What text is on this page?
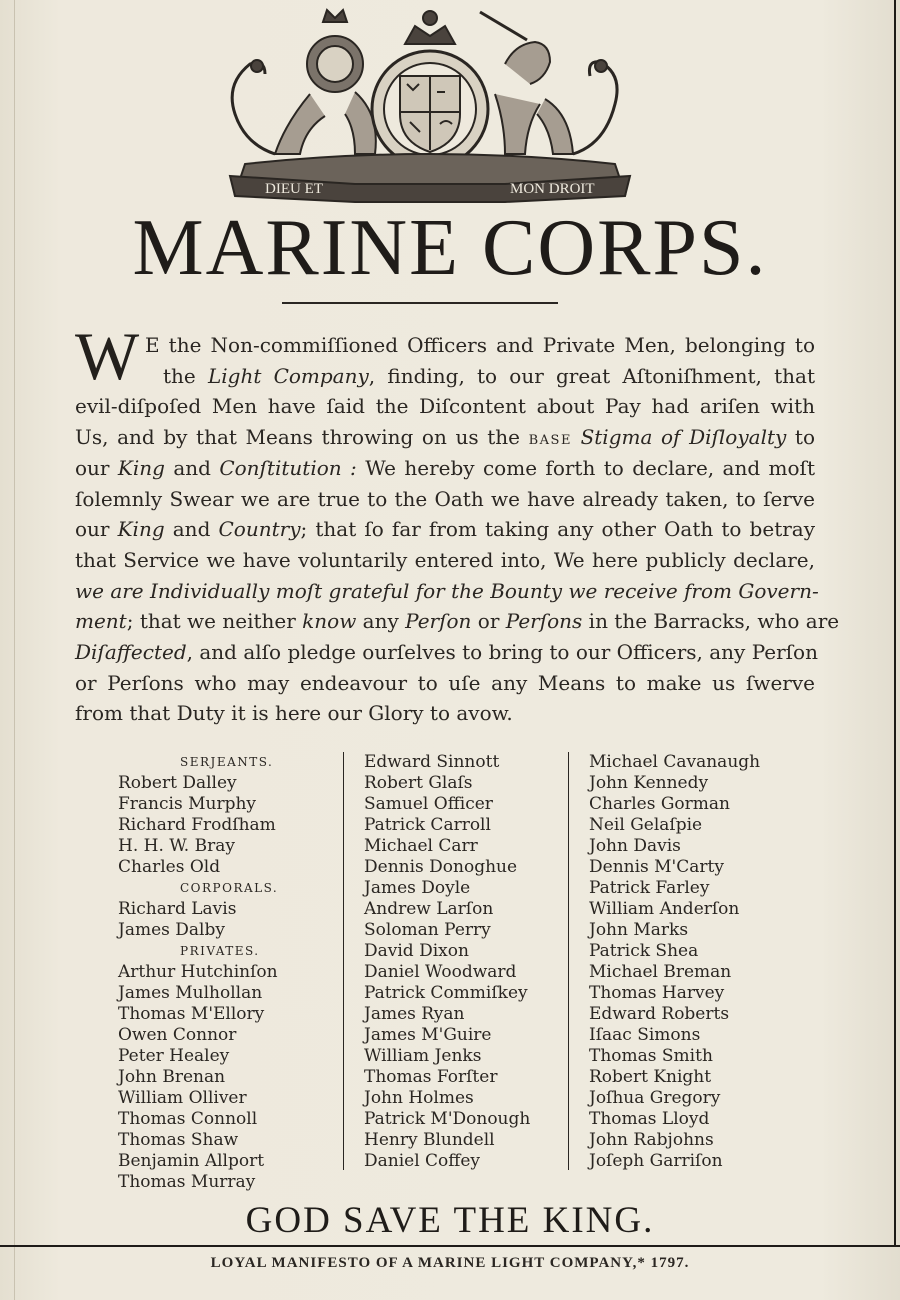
DIEU ET	MON DROIT
MARINE CORPS.
W E the Non-commiſſioned Officers and Private Men, belonging to
the Light Company, finding, to our great Aſtoniſhment, that
evil-diſpoſed Men have ſaid the Diſcontent about Pay had ariſen with
Us, and by that Means throwing on us the BASE Stigma of Diſloyalty to
our King and Conſtitution : We hereby come forth to declare, and moſt
ſolemnly Swear we are true to the Oath we have already taken, to ſerve
our King and Country; that ſo far from taking any other Oath to betray
that Service we have voluntarily entered into, We here publicly declare,
we are Individually moſt grateful for the Bounty we receive from Govern-
ment; that we neither know any Perſon or Perſons in the Barracks, who are
Diſaffected, and alſo pledge ourſelves to bring to our Officers, any Perſon
or Perſons who may endeavour to uſe any Means to make us ſwerve
from that Duty it is here our Glory to avow.
SERJEANTS.
Robert Dalley
Francis Murphy
Richard Frodſham
H. H. W. Bray
Charles Old
CORPORALS.
Richard Lavis
James Dalby
PRIVATES.
Arthur Hutchinſon
James Mulhollan
Thomas M'Ellory
Owen Connor
Peter Healey
John Brenan
William Olliver
Thomas Connoll
Thomas Shaw
Benjamin Allport
Thomas Murray
Edward Sinnott
Robert Glaſs
Samuel Officer
Patrick Carroll
Michael Carr
Dennis Donoghue
James Doyle
Andrew Larſon
Soloman Perry
David Dixon
Daniel Woodward
Patrick Commiſkey
James Ryan
James M'Guire
William Jenks
Thomas Forſter
John Holmes
Patrick M'Donough
Henry Blundell
Daniel Coffey
Michael Cavanaugh
John Kennedy
Charles Gorman
Neil Gelaſpie
John Davis
Dennis M'Carty
Patrick Farley
William Anderſon
John Marks
Patrick Shea
Michael Breman
Thomas Harvey
Edward Roberts
Iſaac Simons
Thomas Smith
Robert Knight
Joſhua Gregory
Thomas Lloyd
John Rabjohns
Joſeph Garriſon
GOD SAVE THE KING.
LOYAL MANIFESTO OF A MARINE LIGHT COMPANY,* 1797.
